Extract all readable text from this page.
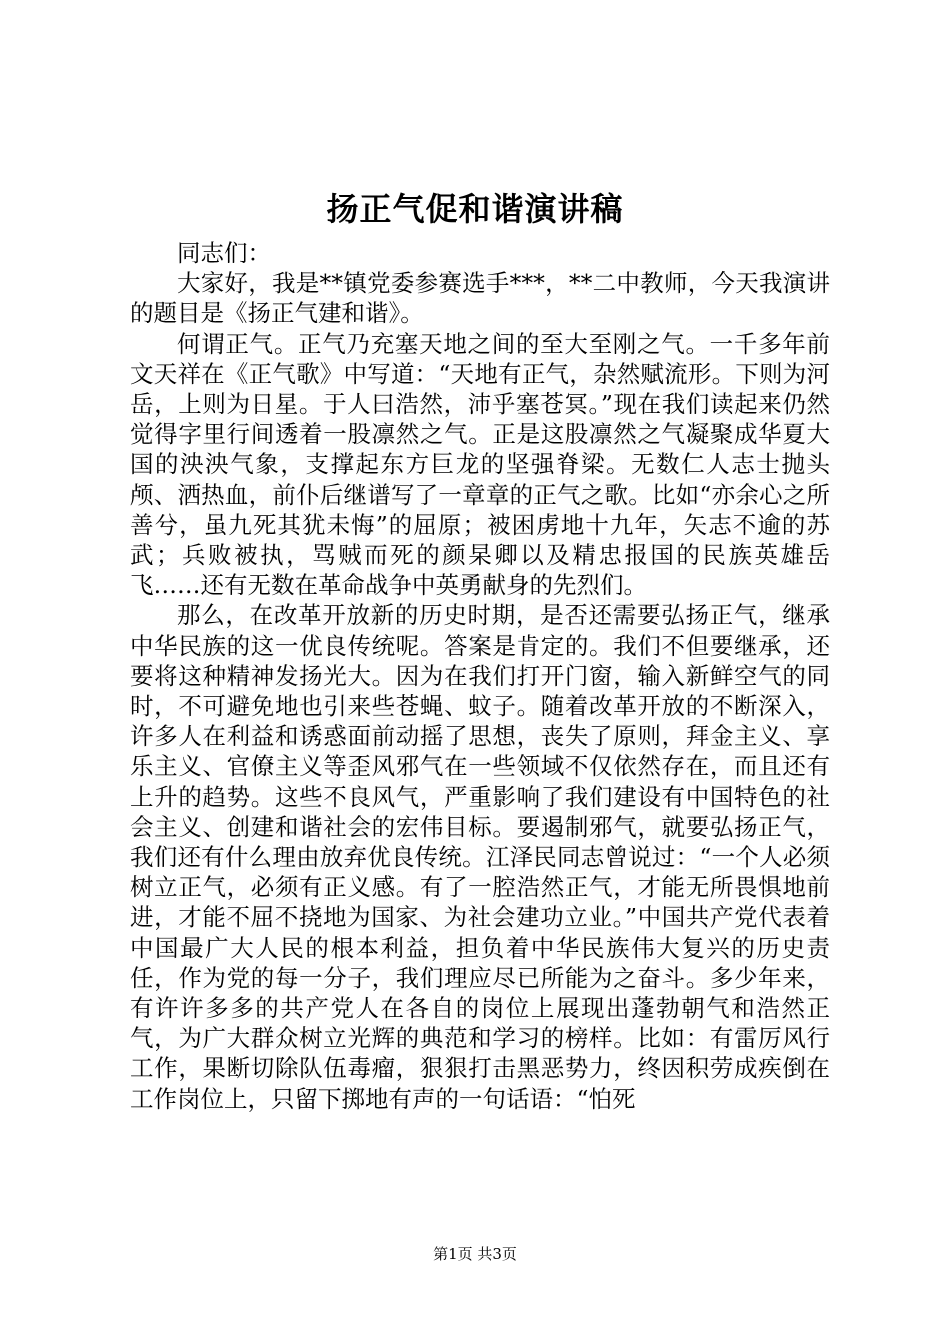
扬正气促和谐演讲稿

同志们：

大家好，我是**镇党委参赛选手***，**二中教师，今天我演讲的题目是《扬正气建和谐》。

何谓正气。正气乃充塞天地之间的至大至刚之气。一千多年前文天祥在《正气歌》中写道：“天地有正气，杂然赋流形。下则为河岳，上则为日星。于人曰浩然，沛乎塞苍冥。”现在我们读起来仍然觉得字里行间透着一股凛然之气。正是这股凛然之气凝聚成华夏大国的泱泱气象，支撑起东方巨龙的坚强脊梁。无数仁人志士抛头颅、洒热血，前仆后继谱写了一章章的正气之歌。比如“亦余心之所善兮，虽九死其犹未悔”的屈原；被困虏地十九年，矢志不逾的苏武；兵败被执，骂贼而死的颜杲卿以及精忠报国的民族英雄岳飞……还有无数在革命战争中英勇献身的先烈们。

那么，在改革开放新的历史时期，是否还需要弘扬正气，继承中华民族的这一优良传统呢。答案是肯定的。我们不但要继承，还要将这种精神发扬光大。因为在我们打开门窗，输入新鲜空气的同时，不可避免地也引来些苍蝇、蚊子。随着改革开放的不断深入，许多人在利益和诱惑面前动摇了思想，丧失了原则，拜金主义、享乐主义、官僚主义等歪风邪气在一些领域不仅依然存在，而且还有上升的趋势。这些不良风气，严重影响了我们建设有中国特色的社会主义、创建和谐社会的宏伟目标。要遏制邪气，就要弘扬正气，我们还有什么理由放弃优良传统。江泽民同志曾说过：“一个人必须树立正气，必须有正义感。有了一腔浩然正气，才能无所畏惧地前进，才能不屈不挠地为国家、为社会建功立业。”中国共产党代表着中国最广大人民的根本利益，担负着中华民族伟大复兴的历史责任，作为党的每一分子，我们理应尽已所能为之奋斗。多少年来，有许许多多的共产党人在各自的岗位上展现出蓬勃朝气和浩然正气，为广大群众树立光辉的典范和学习的榜样。比如：有雷厉风行工作，果断切除队伍毒瘤，狠狠打击黑恶势力，终因积劳成疾倒在工作岗位上，只留下掷地有声的一句话语：“怕死

第1页 共3页
